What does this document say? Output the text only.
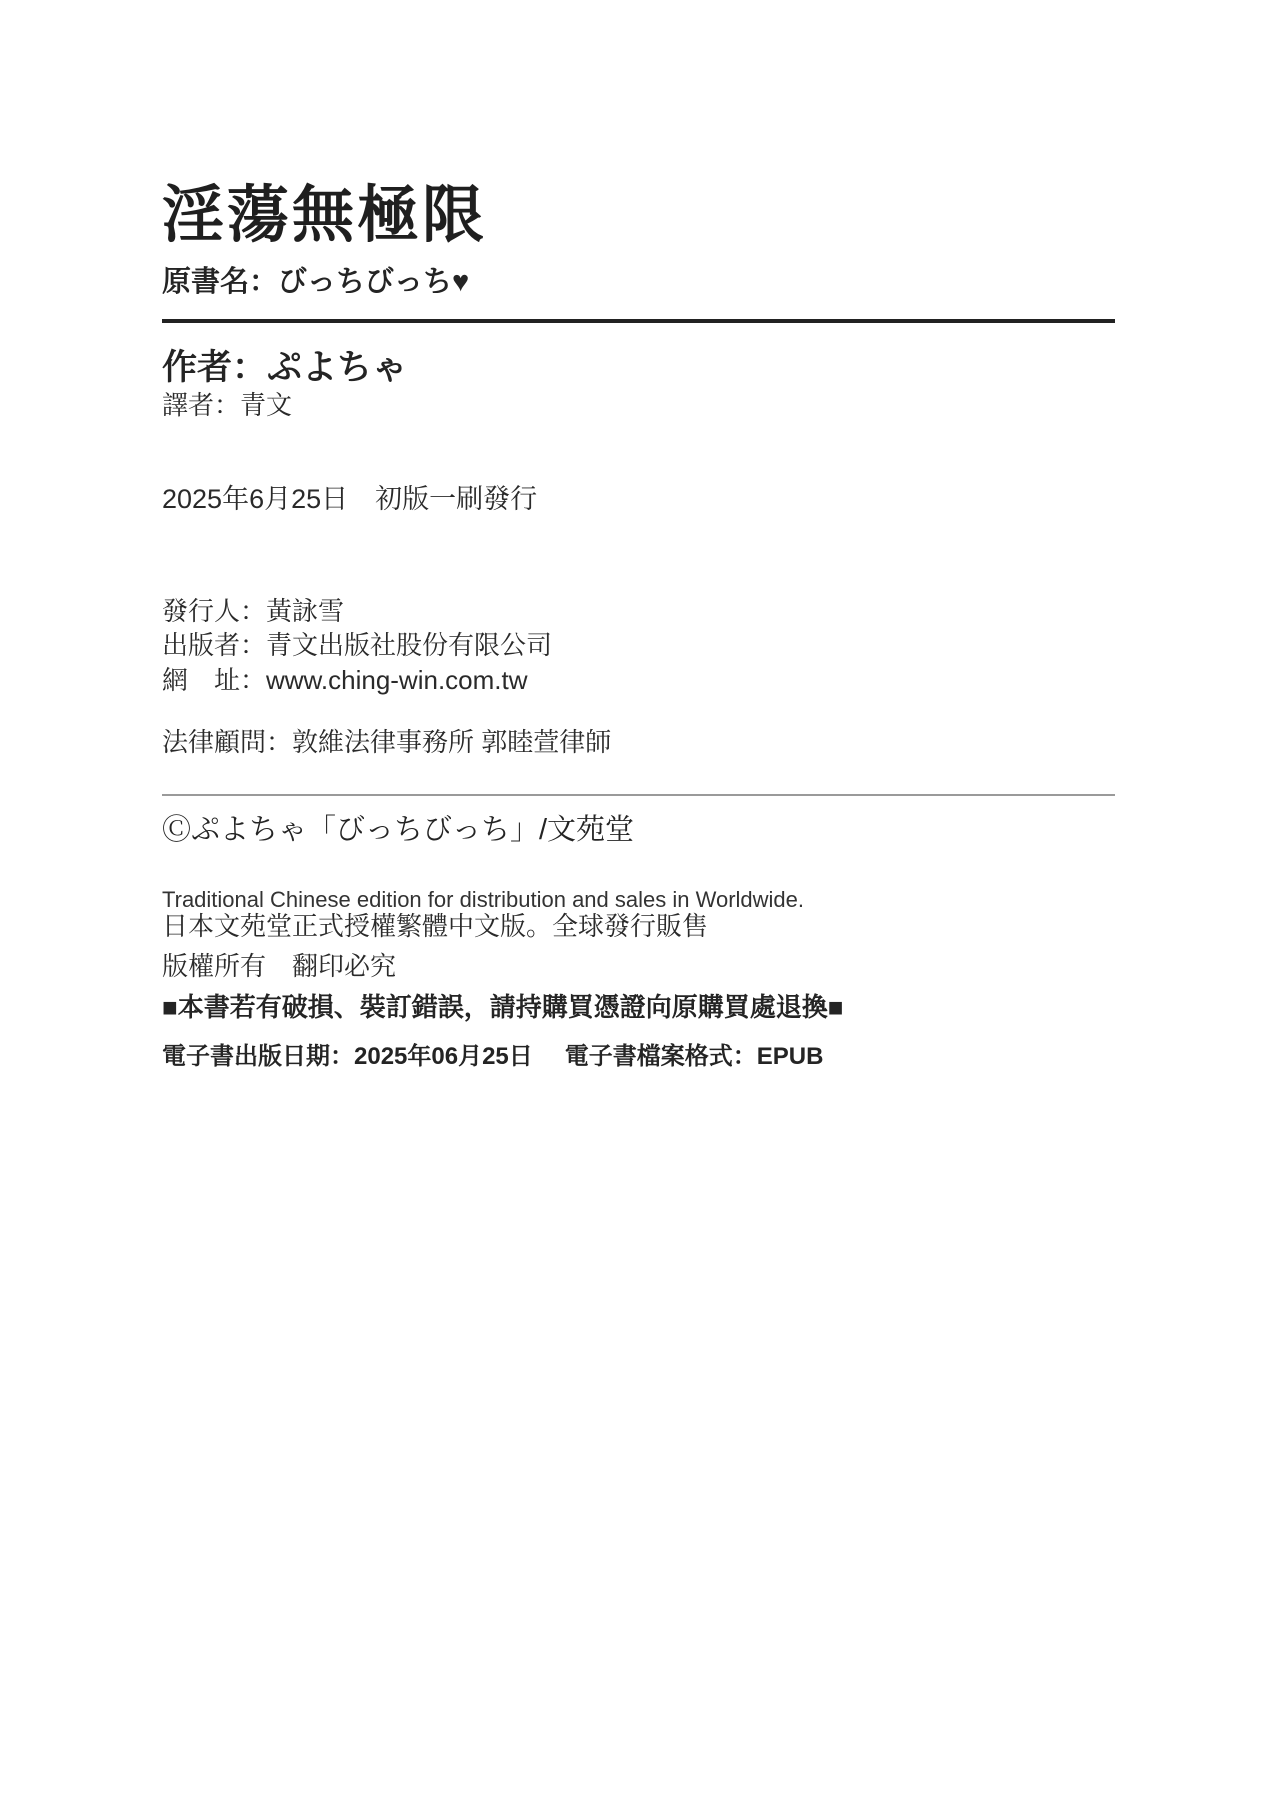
淫蕩無極限
原書名：びっちびっち♥
作者：ぷよちゃ
譯者：青文
2025年6月25日　初版一刷發行
發行人：黃詠雪
出版者：青文出版社股份有限公司
網　址：www.ching-win.com.tw
法律顧問：敦維法律事務所 郭睦萱律師
Ⓒぷよちゃ「びっちびっち」/文苑堂
Traditional Chinese edition for distribution and sales in Worldwide.
日本文苑堂正式授權繁體中文版。全球發行販售
版權所有　翻印必究
■本書若有破損、裝訂錯誤，請持購買憑證向原購買處退換■
電子書出版日期：2025年06月25日 電子書檔案格式：EPUB
